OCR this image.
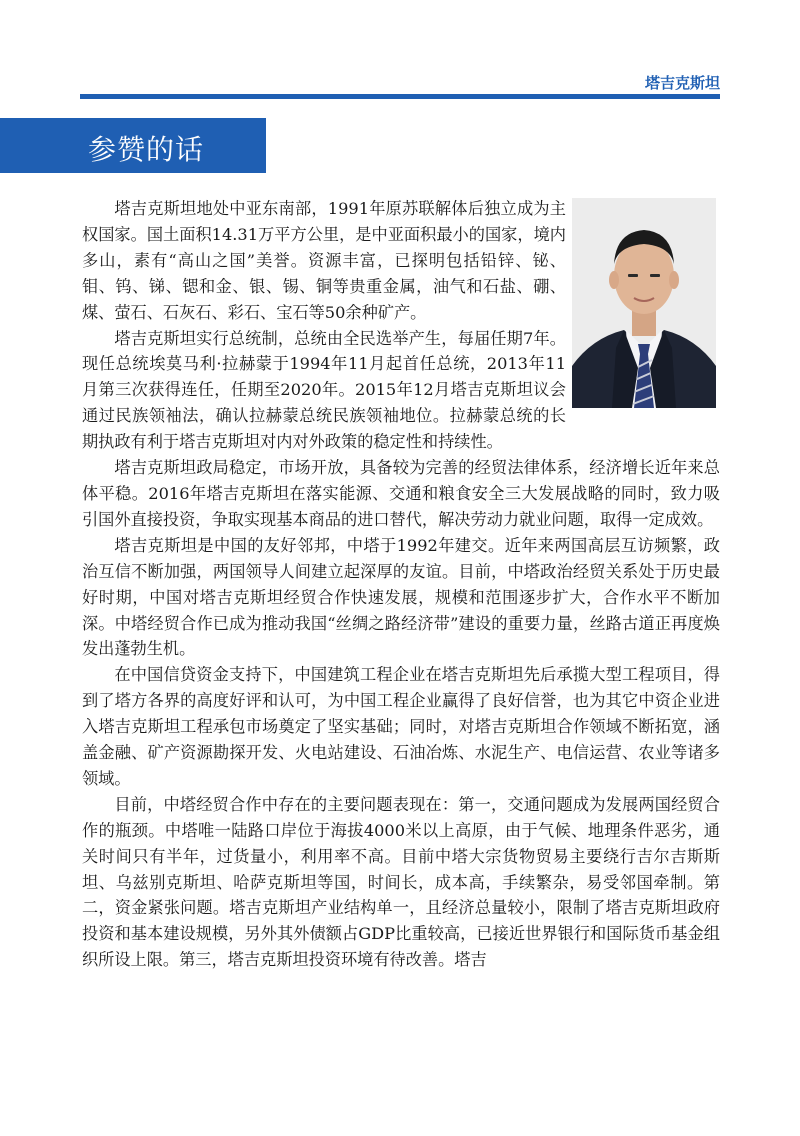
塔吉克斯坦
参赞的话

塔吉克斯坦地处中亚东南部，1991年原苏联解体后独立成为主权国家。国土面积14.31万平方公里，是中亚面积最小的国家，境内多山，素有“高山之国”美誉。资源丰富，已探明包括铅锌、铋、钼、钨、锑、锶和金、银、锡、铜等贵重金属，油气和石盐、硼、煤、萤石、石灰石、彩石、宝石等50余种矿产。

塔吉克斯坦实行总统制，总统由全民选举产生，每届任期7年。现任总统埃莫马利·拉赫蒙于1994年11月起首任总统，2013年11月第三次获得连任，任期至2020年。2015年12月塔吉克斯坦议会通过民族领袖法，确认拉赫蒙总统民族领袖地位。拉赫蒙总统的长期执政有利于塔吉克斯坦对内对外政策的稳定性和持续性。

塔吉克斯坦政局稳定，市场开放，具备较为完善的经贸法律体系，经济增长近年来总体平稳。2016年塔吉克斯坦在落实能源、交通和粮食安全三大发展战略的同时，致力吸引国外直接投资，争取实现基本商品的进口替代，解决劳动力就业问题，取得一定成效。

塔吉克斯坦是中国的友好邻邦，中塔于1992年建交。近年来两国高层互访频繁，政治互信不断加强，两国领导人间建立起深厚的友谊。目前，中塔政治经贸关系处于历史最好时期，中国对塔吉克斯坦经贸合作快速发展，规模和范围逐步扩大，合作水平不断加深。中塔经贸合作已成为推动我国“丝绸之路经济带”建设的重要力量，丝路古道正再度焕发出蓬勃生机。

在中国信贷资金支持下，中国建筑工程企业在塔吉克斯坦先后承揽大型工程项目，得到了塔方各界的高度好评和认可，为中国工程企业赢得了良好信誉，也为其它中资企业进入塔吉克斯坦工程承包市场奠定了坚实基础；同时，对塔吉克斯坦合作领域不断拓宽，涵盖金融、矿产资源勘探开发、火电站建设、石油冶炼、水泥生产、电信运营、农业等诸多领域。

目前，中塔经贸合作中存在的主要问题表现在：第一，交通问题成为发展两国经贸合作的瓶颈。中塔唯一陆路口岸位于海拔4000米以上高原，由于气候、地理条件恶劣，通关时间只有半年，过货量小，利用率不高。目前中塔大宗货物贸易主要绕行吉尔吉斯斯坦、乌兹别克斯坦、哈萨克斯坦等国，时间长，成本高，手续繁杂，易受邻国牵制。第二，资金紧张问题。塔吉克斯坦产业结构单一，且经济总量较小，限制了塔吉克斯坦政府投资和基本建设规模，另外其外债额占GDP比重较高，已接近世界银行和国际货币基金组织所设上限。第三，塔吉克斯坦投资环境有待改善。塔吉
